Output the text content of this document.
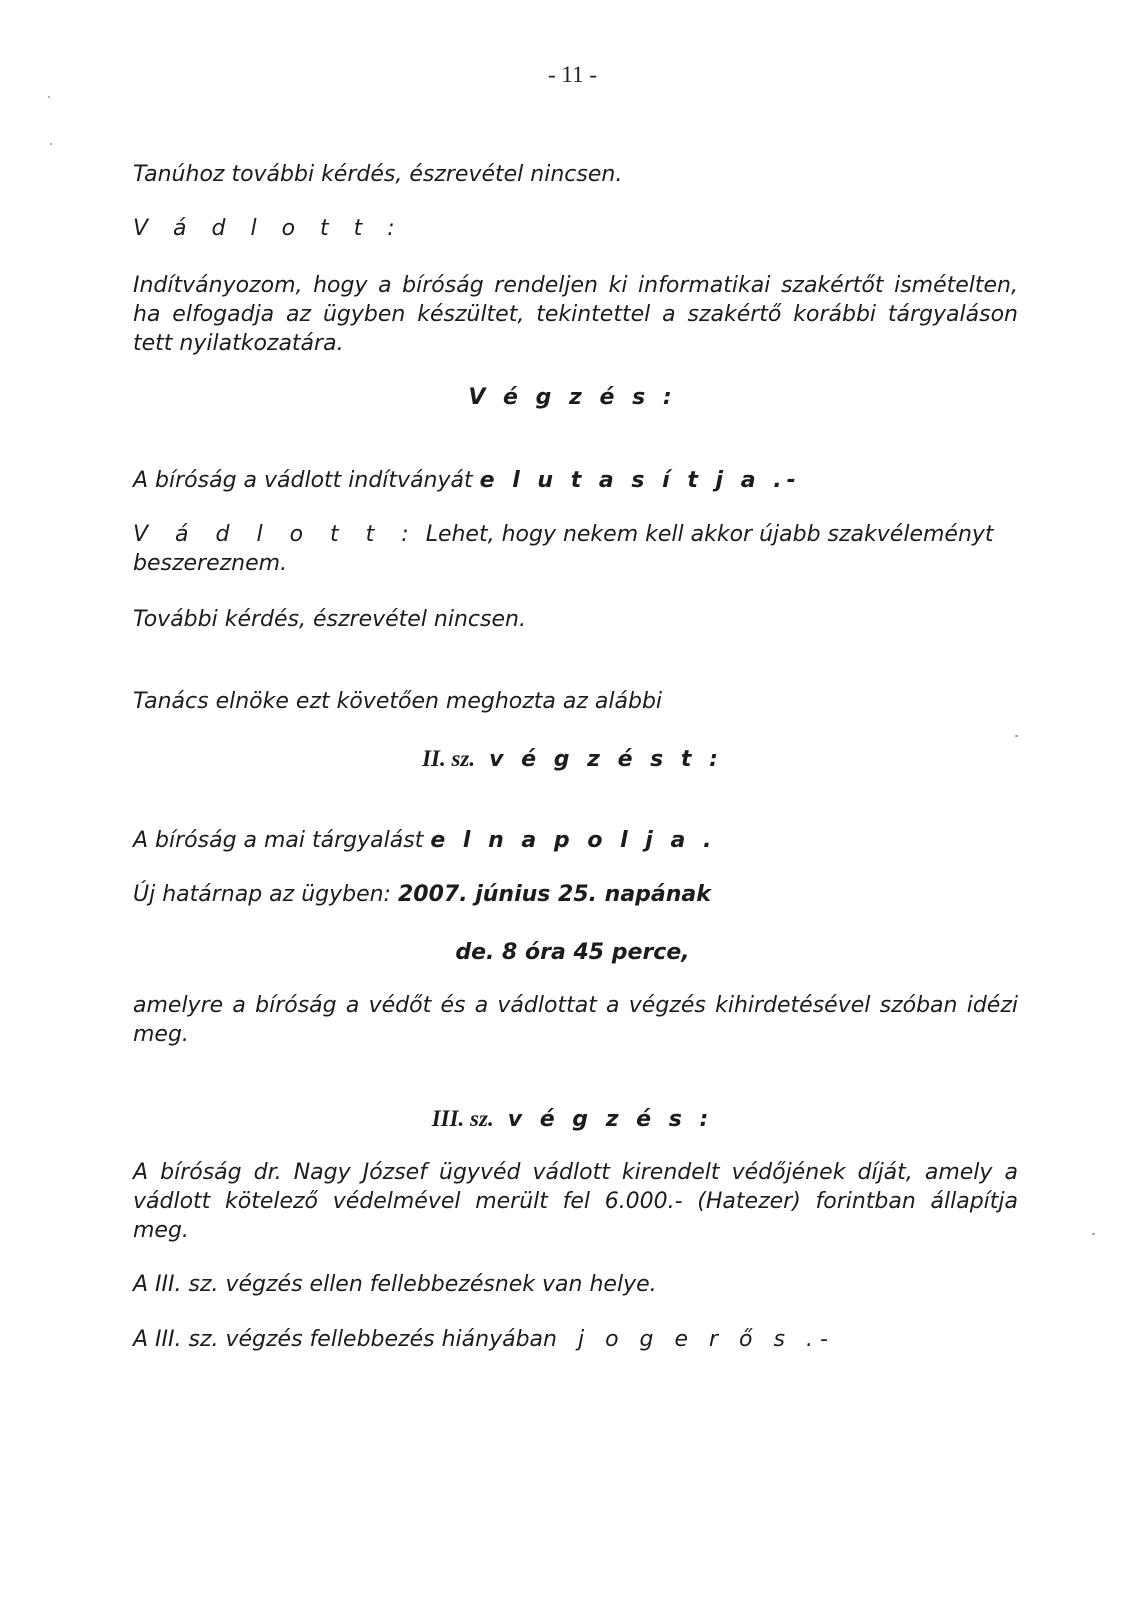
- 11 -
Tanúhoz további kérdés, észrevétel nincsen.
V á d l o t t :
Indítványozom, hogy a bíróság rendeljen ki informatikai szakértőt ismételten, ha elfogadja az ügyben készültet, tekintettel a szakértő korábbi tárgyaláson tett nyilatkozatára.
V é g z é s :
A bíróság a vádlott indítványát e l u t a s í t j a .-
V á d l o t t : Lehet, hogy nekem kell akkor újabb szakvéleményt beszereznem.
További kérdés, észrevétel nincsen.
Tanács elnöke ezt követően meghozta az alábbi
II. sz. v é g z é s t :
A bíróság a mai tárgyalást e l n a p o l j a .
Új határnap az ügyben: 2007. június 25. napának
de. 8 óra 45 perce,
amelyre a bíróság a védőt és a vádlottat a végzés kihirdetésével szóban idézi meg.
III. sz. v é g z é s :
A bíróság dr. Nagy József ügyvéd vádlott kirendelt védőjének díját, amely a vádlott kötelező védelmével merült fel 6.000.- (Hatezer) forintban állapítja meg.
A III. sz. végzés ellen fellebbezésnek van helye.
A III. sz. végzés fellebbezés hiányában j o g e r ő s .-
